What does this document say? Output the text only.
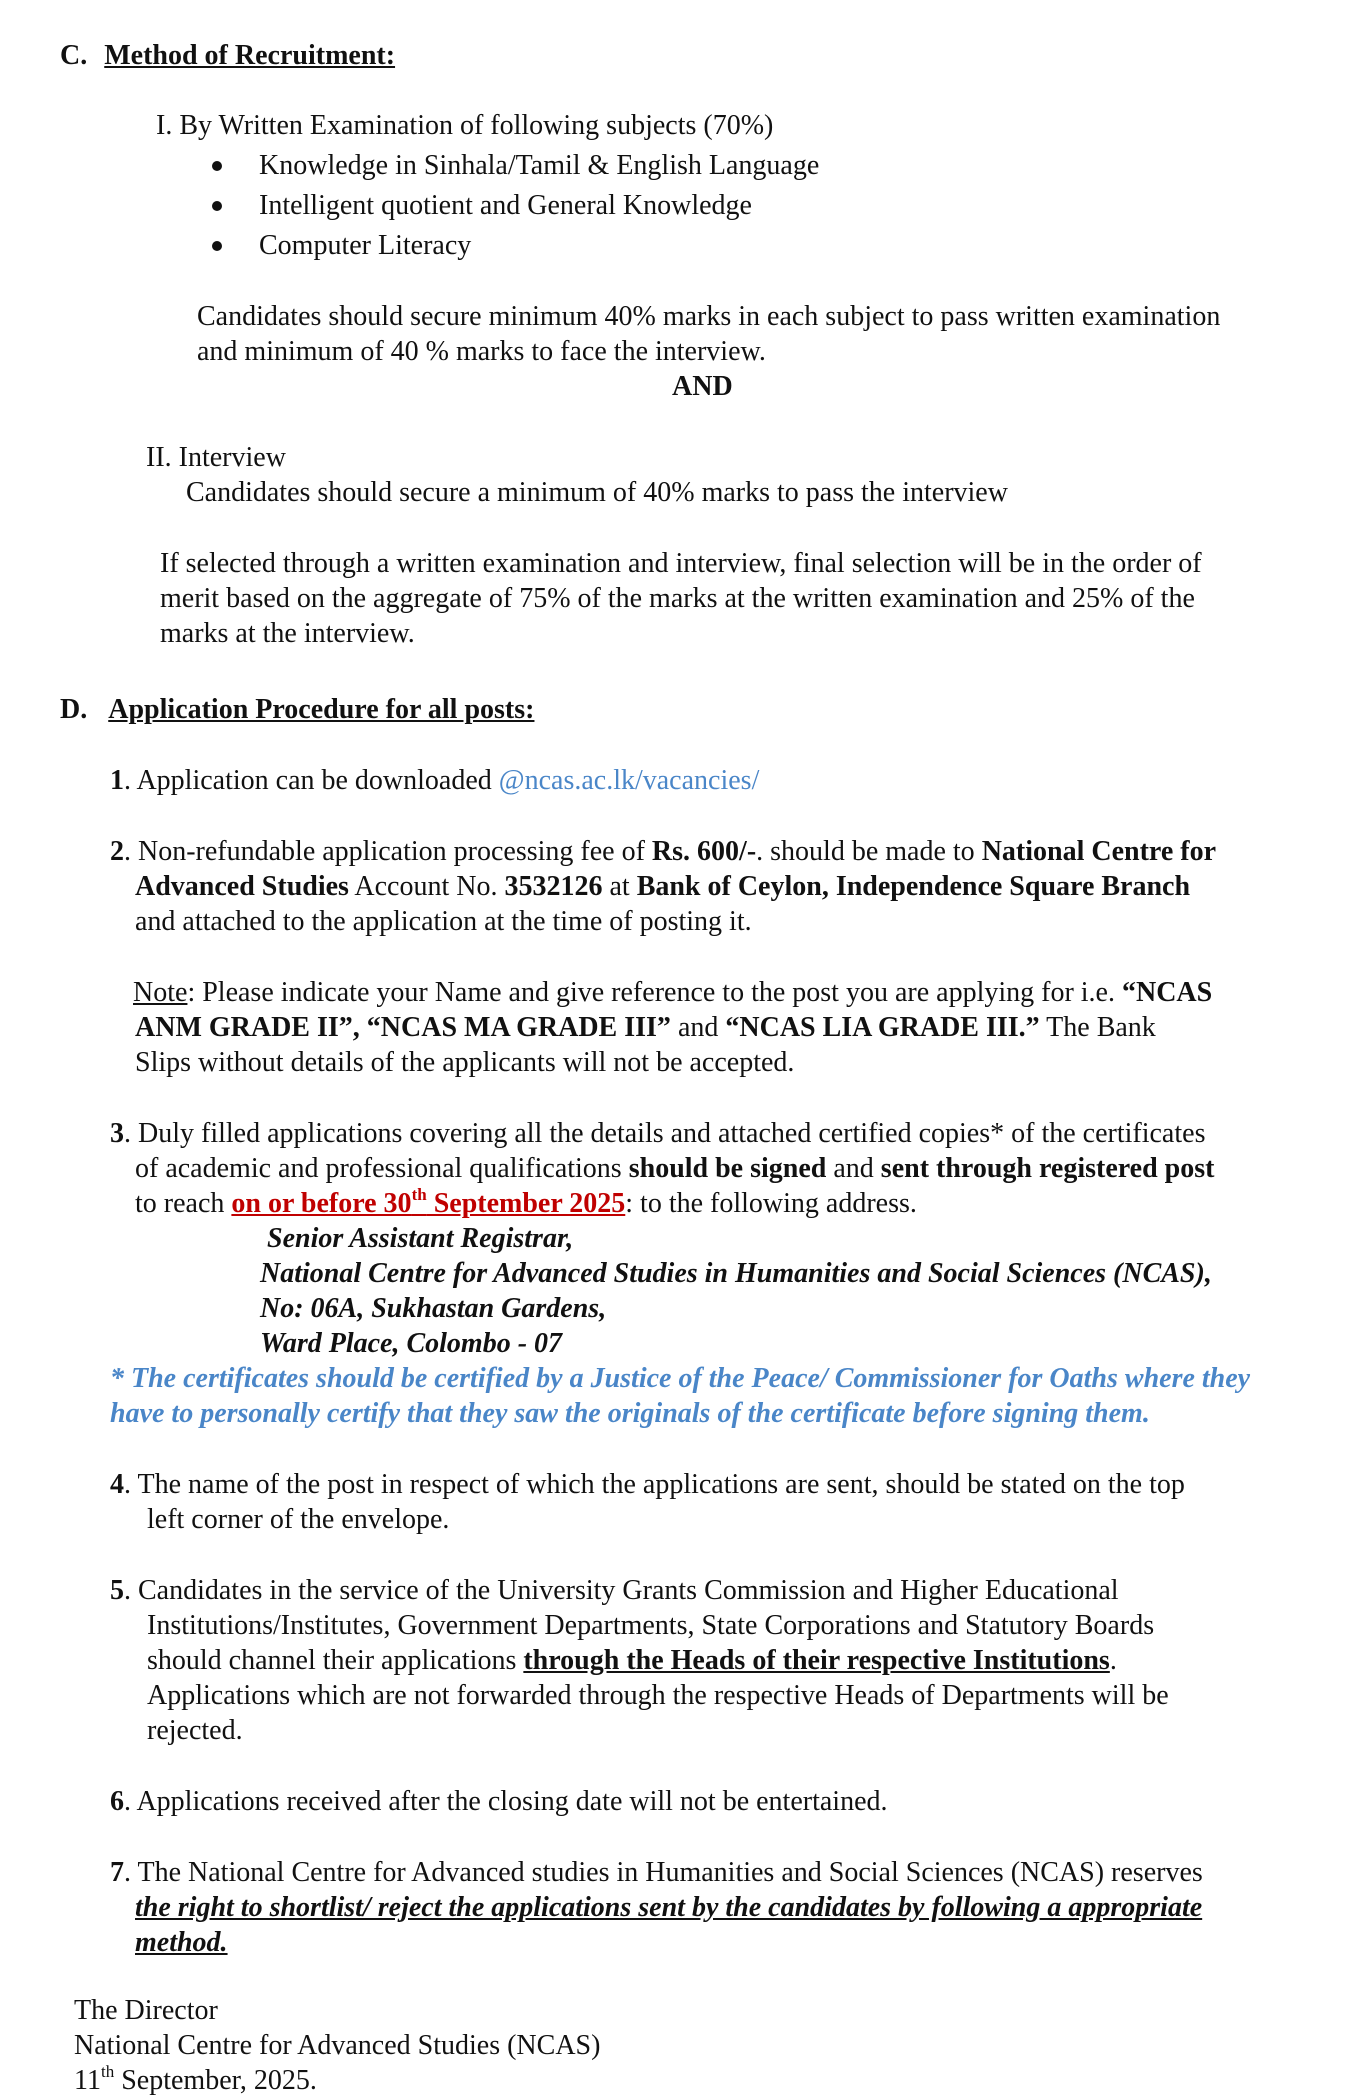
C. Method of Recruitment:
I. By Written Examination of following subjects (70%)
Knowledge in Sinhala/Tamil & English Language
Intelligent quotient and General Knowledge
Computer Literacy
Candidates should secure minimum 40% marks in each subject to pass written examination
and minimum of 40 % marks to face the interview.
AND
II. Interview
Candidates should secure a minimum of 40% marks to pass the interview
If selected through a written examination and interview, final selection will be in the order of
merit based on the aggregate of 75% of the marks at the written examination and 25% of the
marks at the interview.
D. Application Procedure for all posts:
1. Application can be downloaded @ncas.ac.lk/vacancies/
2. Non-refundable application processing fee of Rs. 600/-. should be made to National Centre for
Advanced Studies Account No. 3532126 at Bank of Ceylon, Independence Square Branch
and attached to the application at the time of posting it.
Note: Please indicate your Name and give reference to the post you are applying for i.e. “NCAS
ANM GRADE II”, “NCAS MA GRADE III” and “NCAS LIA GRADE III.” The Bank
Slips without details of the applicants will not be accepted.
3. Duly filled applications covering all the details and attached certified copies* of the certificates
of academic and professional qualifications should be signed and sent through registered post
to reach on or before 30th September 2025: to the following address.
Senior Assistant Registrar,
National Centre for Advanced Studies in Humanities and Social Sciences (NCAS),
No: 06A, Sukhastan Gardens,
Ward Place, Colombo - 07
* The certificates should be certified by a Justice of the Peace/ Commissioner for Oaths where they
have to personally certify that they saw the originals of the certificate before signing them.
4. The name of the post in respect of which the applications are sent, should be stated on the top
left corner of the envelope.
5. Candidates in the service of the University Grants Commission and Higher Educational
Institutions/Institutes, Government Departments, State Corporations and Statutory Boards
should channel their applications through the Heads of their respective Institutions.
Applications which are not forwarded through the respective Heads of Departments will be
rejected.
6. Applications received after the closing date will not be entertained.
7. The National Centre for Advanced studies in Humanities and Social Sciences (NCAS) reserves
the right to shortlist/ reject the applications sent by the candidates by following a appropriate
method.
The Director
National Centre for Advanced Studies (NCAS)
11th September, 2025.
